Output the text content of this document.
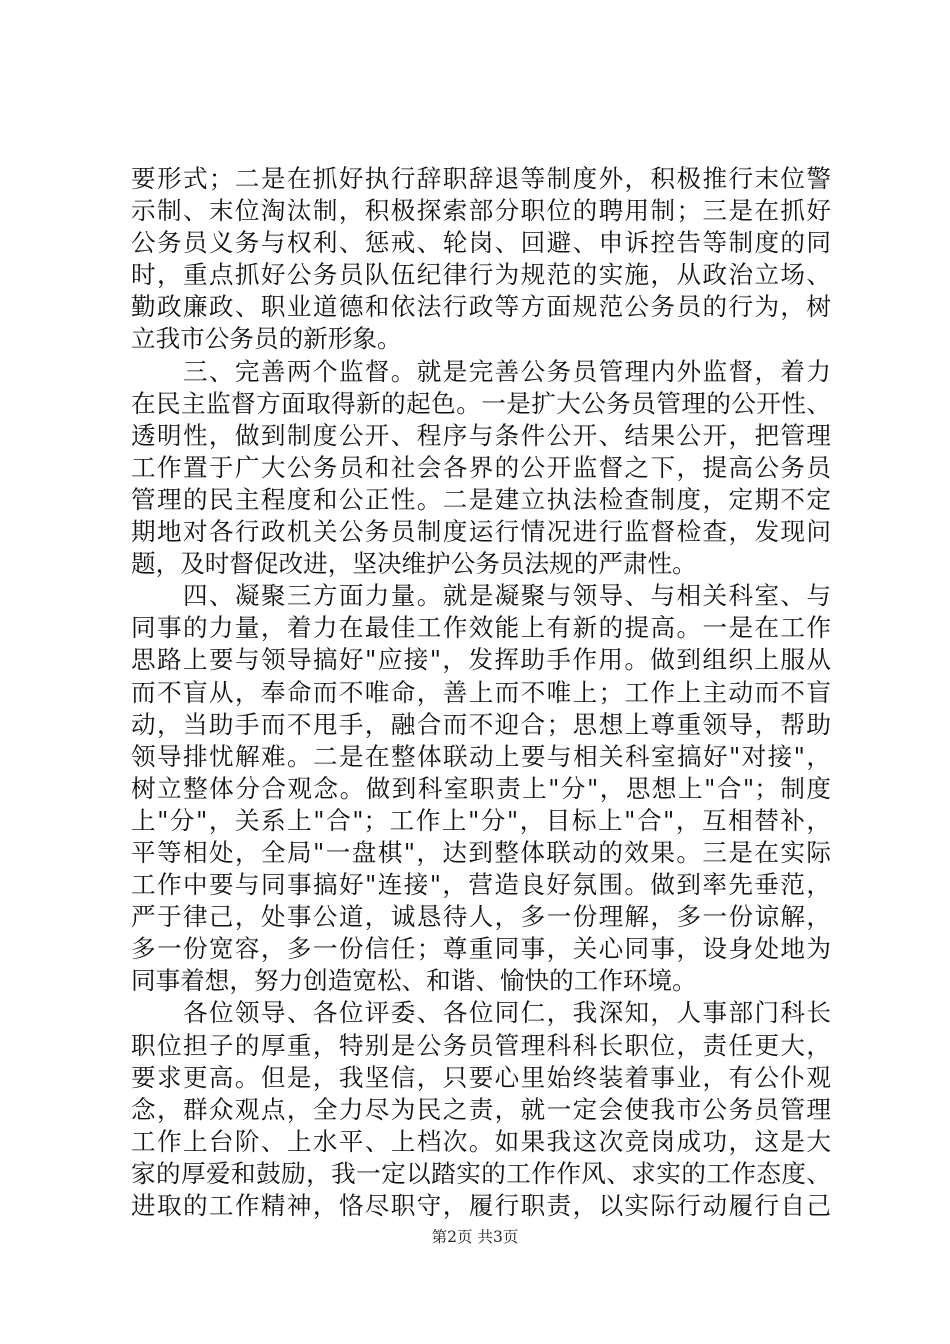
要形式；二是在抓好执行辞职辞退等制度外，积极推行末位警
示制、末位淘汰制，积极探索部分职位的聘用制；三是在抓好
公务员义务与权利、惩戒、轮岗、回避、申诉控告等制度的同
时，重点抓好公务员队伍纪律行为规范的实施，从政治立场、
勤政廉政、职业道德和依法行政等方面规范公务员的行为，树
立我市公务员的新形象。
　　三、完善两个监督。就是完善公务员管理内外监督，着力
在民主监督方面取得新的起色。一是扩大公务员管理的公开性、
透明性，做到制度公开、程序与条件公开、结果公开，把管理
工作置于广大公务员和社会各界的公开监督之下，提高公务员
管理的民主程度和公正性。二是建立执法检查制度，定期不定
期地对各行政机关公务员制度运行情况进行监督检查，发现问
题，及时督促改进，坚决维护公务员法规的严肃性。
　　四、凝聚三方面力量。就是凝聚与领导、与相关科室、与
同事的力量，着力在最佳工作效能上有新的提高。一是在工作
思路上要与领导搞好"应接"，发挥助手作用。做到组织上服从
而不盲从，奉命而不唯命，善上而不唯上；工作上主动而不盲
动，当助手而不甩手，融合而不迎合；思想上尊重领导，帮助
领导排忧解难。二是在整体联动上要与相关科室搞好"对接"，
树立整体分合观念。做到科室职责上"分"，思想上"合"；制度
上"分"，关系上"合"；工作上"分"，目标上"合"，互相替补，
平等相处，全局"一盘棋"，达到整体联动的效果。三是在实际
工作中要与同事搞好"连接"，营造良好氛围。做到率先垂范，
严于律己，处事公道，诚恳待人，多一份理解，多一份谅解，
多一份宽容，多一份信任；尊重同事，关心同事，设身处地为
同事着想，努力创造宽松、和谐、愉快的工作环境。
　　各位领导、各位评委、各位同仁，我深知，人事部门科长
职位担子的厚重，特别是公务员管理科科长职位，责任更大，
要求更高。但是，我坚信，只要心里始终装着事业，有公仆观
念，群众观点，全力尽为民之责，就一定会使我市公务员管理
工作上台阶、上水平、上档次。如果我这次竞岗成功，这是大
家的厚爱和鼓励，我一定以踏实的工作作风、求实的工作态度、
进取的工作精神，恪尽职守，履行职责，以实际行动履行自己
第2页 共3页
